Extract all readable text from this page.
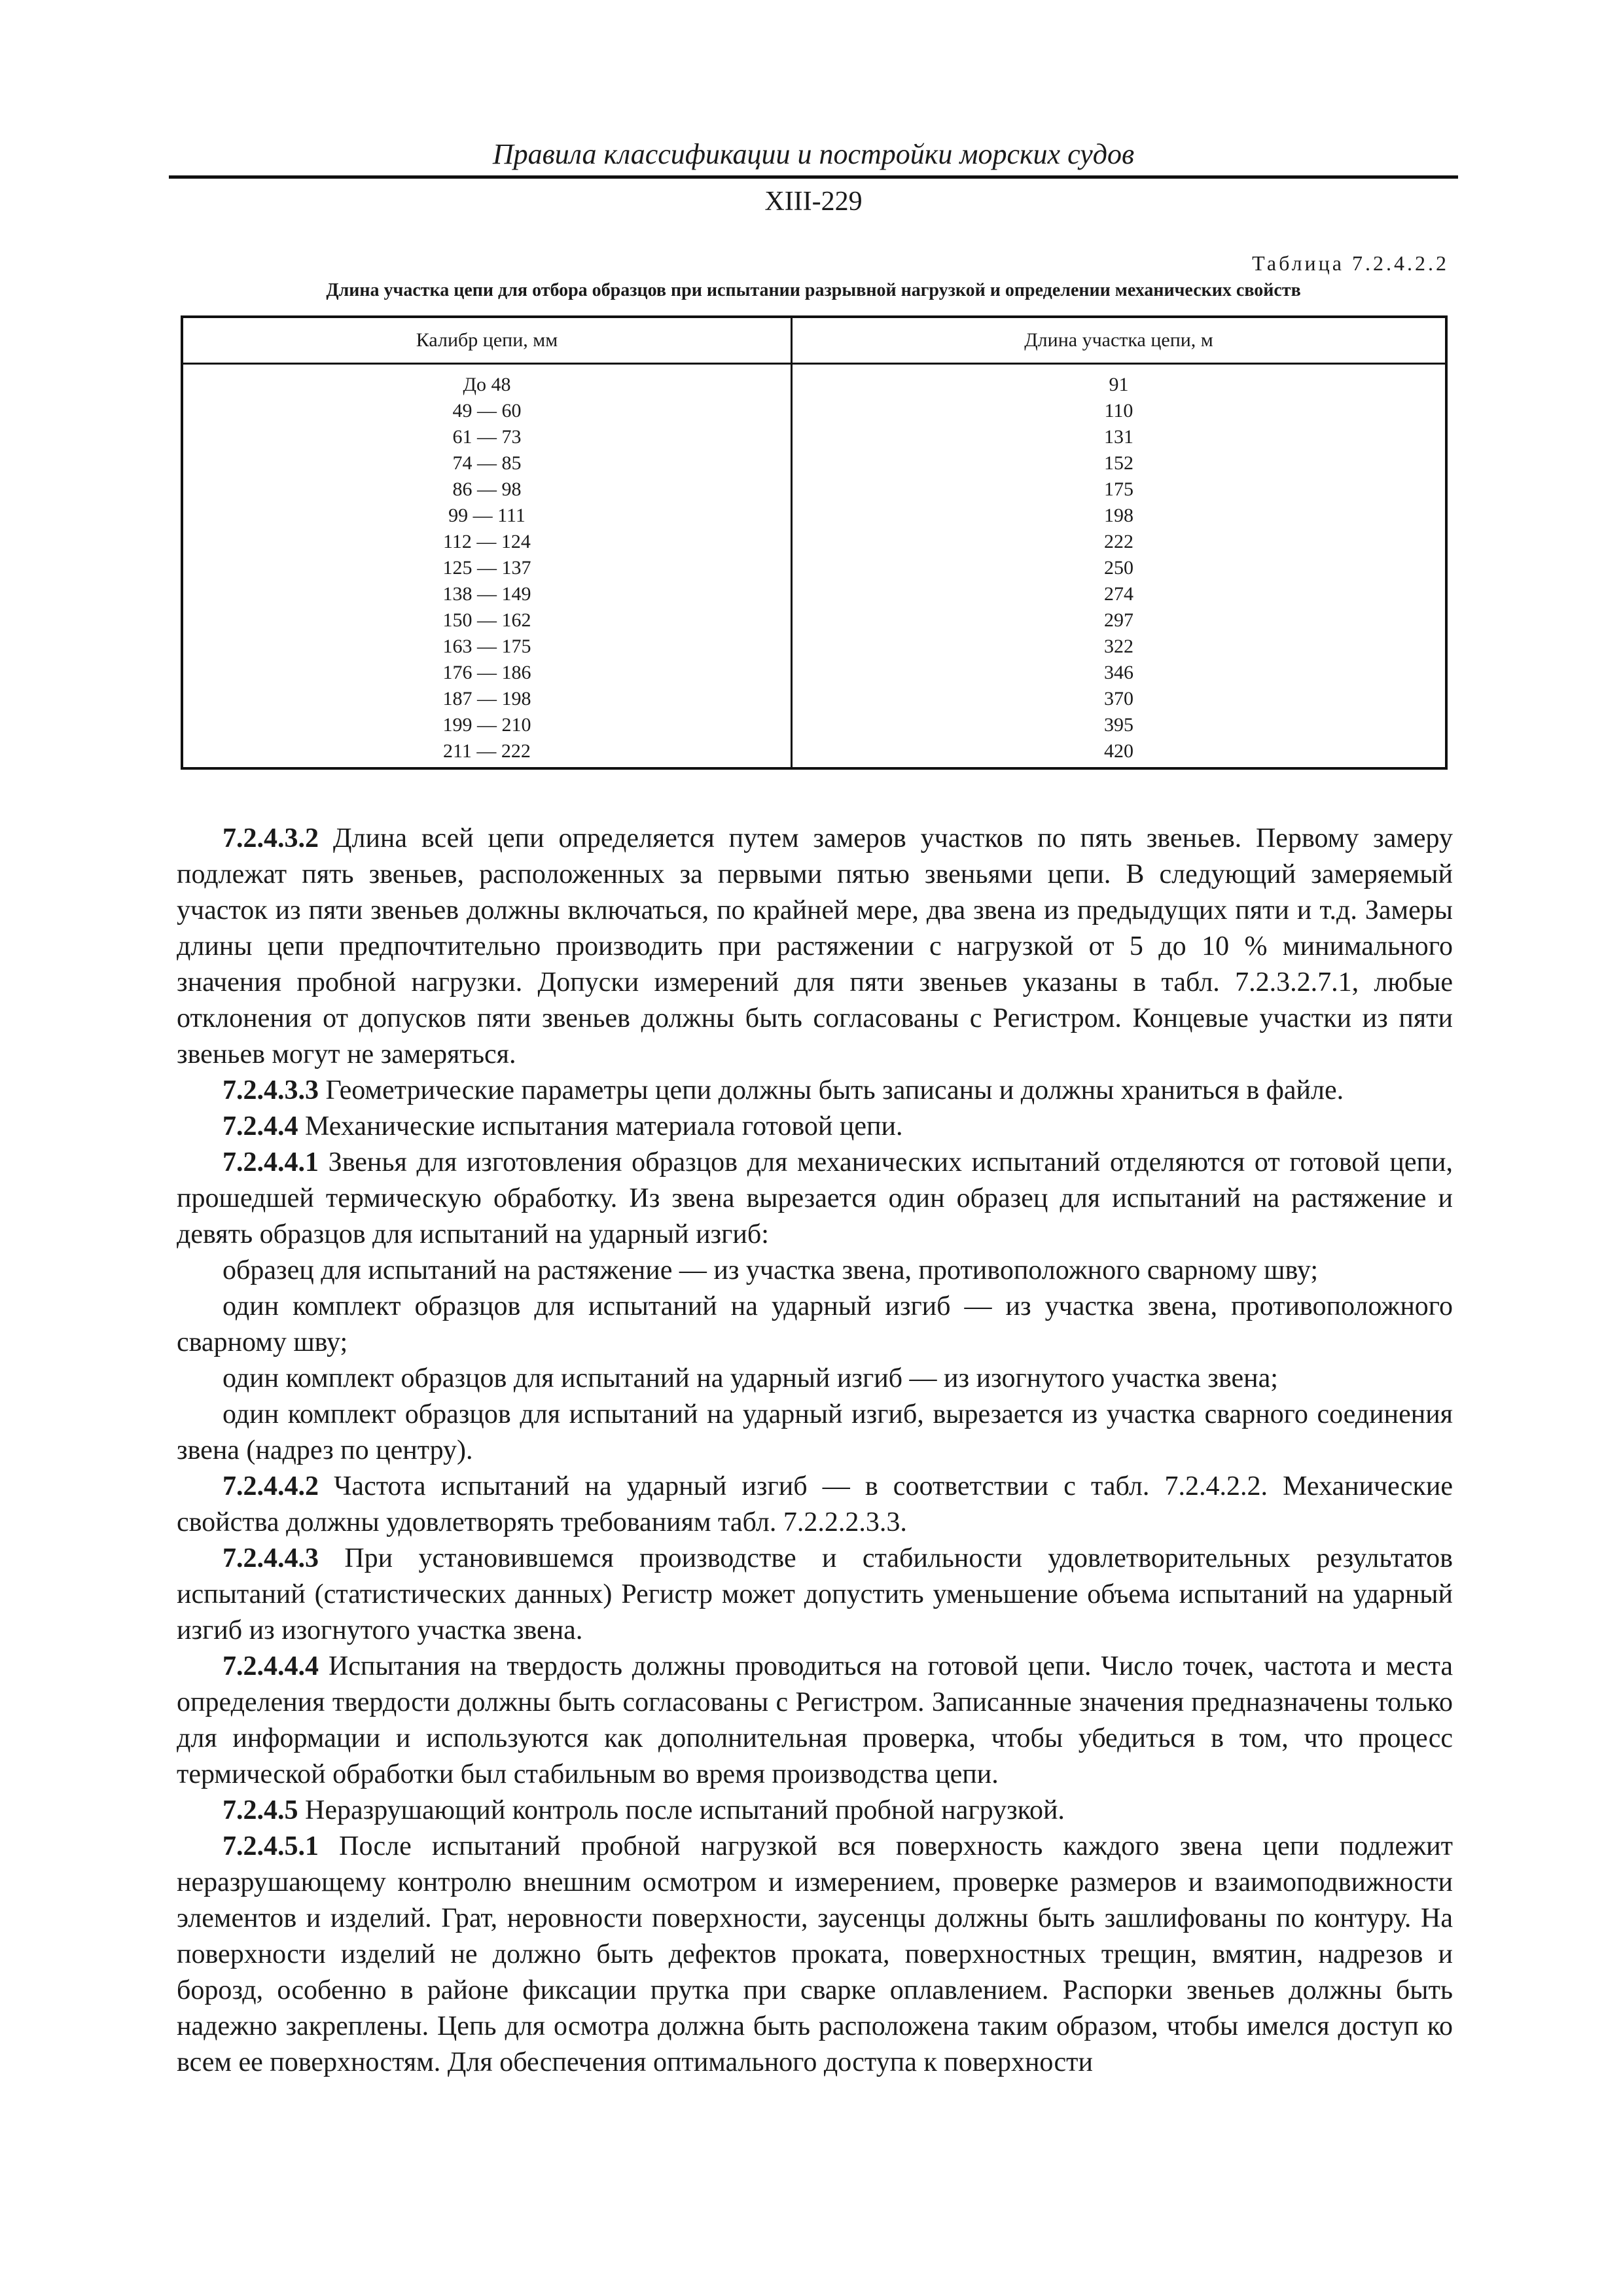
Правила классификации и постройки морских судов
XIII-229
Таблица 7.2.4.2.2
Длина участка цепи для отбора образцов при испытании разрывной нагрузкой и определении механических свойств
Калибр цепи, мм	Длина участка цепи, м
До 48
49 — 60
61 — 73
74 — 85
86 — 98
99 — 111
112 — 124
125 — 137
138 — 149
150 — 162
163 — 175
176 — 186
187 — 198
199 — 210
211 — 222
91
110
131
152
175
198
222
250
274
297
322
346
370
395
420

7.2.4.3.2 Длина всей цепи определяется путем замеров участков по пять звеньев. Первому замеру подлежат пять звеньев, расположенных за первыми пятью звеньями цепи. В следующий замеряемый участок из пяти звеньев должны включаться, по крайней мере, два звена из предыдущих пяти и т.д. Замеры длины цепи предпочтительно производить при растяжении с нагрузкой от 5 до 10 % минимального значения пробной нагрузки. Допуски измерений для пяти звеньев указаны в табл. 7.2.3.2.7.1, любые отклонения от допусков пяти звеньев должны быть согласованы с Регистром. Концевые участки из пяти звеньев могут не замеряться.

7.2.4.3.3 Геометрические параметры цепи должны быть записаны и должны храниться в файле.

7.2.4.4 Механические испытания материала готовой цепи.

7.2.4.4.1 Звенья для изготовления образцов для механических испытаний отделяются от готовой цепи, прошедшей термическую обработку. Из звена вырезается один образец для испытаний на растяжение и девять образцов для испытаний на ударный изгиб:

образец для испытаний на растяжение — из участка звена, противоположного сварному шву;

один комплект образцов для испытаний на ударный изгиб — из участка звена, противоположного сварному шву;

один комплект образцов для испытаний на ударный изгиб — из изогнутого участка звена;

один комплект образцов для испытаний на ударный изгиб, вырезается из участка сварного соединения звена (надрез по центру).

7.2.4.4.2 Частота испытаний на ударный изгиб — в соответствии с табл. 7.2.4.2.2. Механические свойства должны удовлетворять требованиям табл. 7.2.2.2.3.3.

7.2.4.4.3 При установившемся производстве и стабильности удовлетворительных результатов испытаний (статистических данных) Регистр может допустить уменьшение объема испытаний на ударный изгиб из изогнутого участка звена.

7.2.4.4.4 Испытания на твердость должны проводиться на готовой цепи. Число точек, частота и места определения твердости должны быть согласованы с Регистром. Записанные значения предназначены только для информации и используются как дополнительная проверка, чтобы убедиться в том, что процесс термической обработки был стабильным во время производства цепи.

7.2.4.5 Неразрушающий контроль после испытаний пробной нагрузкой.

7.2.4.5.1 После испытаний пробной нагрузкой вся поверхность каждого звена цепи подлежит неразрушающему контролю внешним осмотром и измерением, проверке размеров и взаимоподвижности элементов и изделий. Грат, неровности поверхности, заусенцы должны быть зашлифованы по контуру. На поверхности изделий не должно быть дефектов проката, поверхностных трещин, вмятин, надрезов и борозд, особенно в районе фиксации прутка при сварке оплавлением. Распорки звеньев должны быть надежно закреплены. Цепь для осмотра должна быть расположена таким образом, чтобы имелся доступ ко всем ее поверхностям. Для обеспечения оптимального доступа к поверхности
